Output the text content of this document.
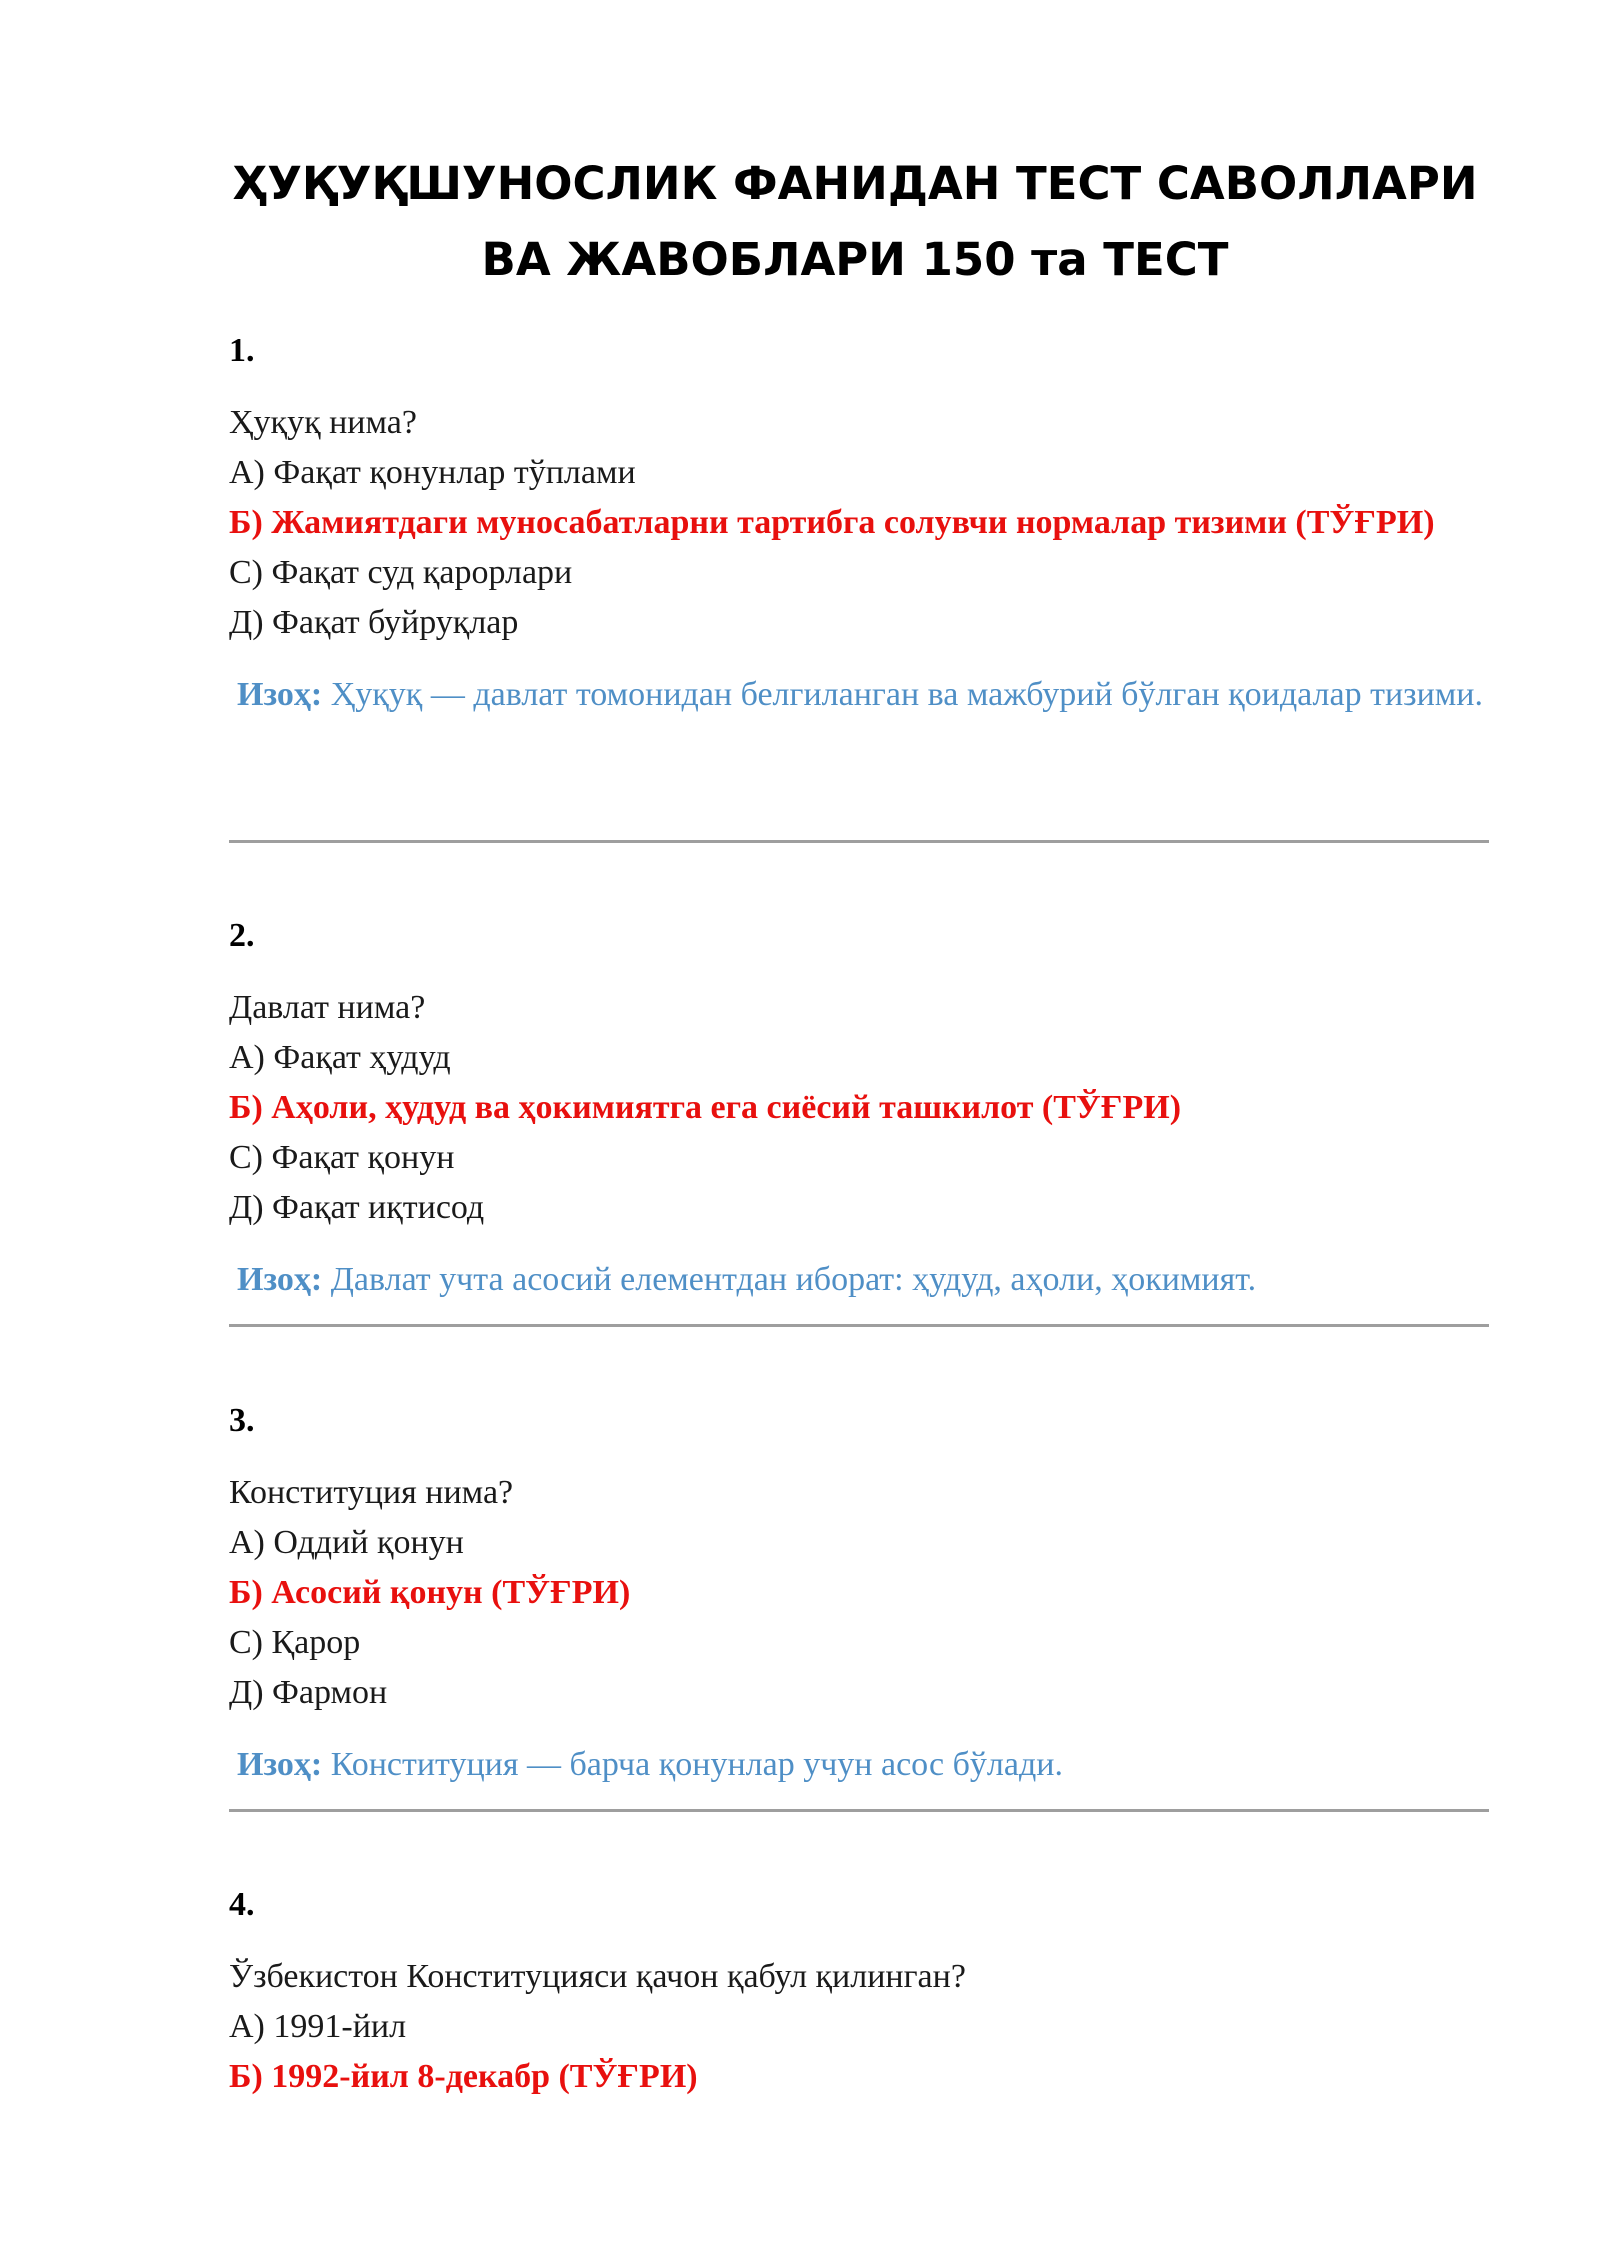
ҲУҚУҚШУНОСЛИК ФАНИДАН ТЕСТ САВОЛЛАРИ
ВА ЖАВОБЛАРИ 150 та ТЕСТ
1.
Ҳуқуқ нима?
А) Фақат қонунлар тўплами
Б) Жамиятдаги муносабатларни тартибга солувчи нормалар тизими (ТЎҒРИ)
С) Фақат суд қарорлари
Д) Фақат буйруқлар
Изоҳ: Ҳуқуқ — давлат томонидан белгиланган ва мажбурий бўлган қоидалар тизими.
2.
Давлат нима?
А) Фақат ҳудуд
Б) Аҳоли, ҳудуд ва ҳокимиятга ега сиёсий ташкилот (ТЎҒРИ)
С) Фақат қонун
Д) Фақат иқтисод
Изоҳ: Давлат учта асосий елементдан иборат: ҳудуд, аҳоли, ҳокимият.
3.
Конституция нима?
А) Оддий қонун
Б) Асосий қонун (ТЎҒРИ)
С) Қарор
Д) Фармон
Изоҳ: Конституция — барча қонунлар учун асос бўлади.
4.
Ўзбекистон Конституцияси қачон қабул қилинган?
А) 1991-йил
Б) 1992-йил 8-декабр (ТЎҒРИ)
